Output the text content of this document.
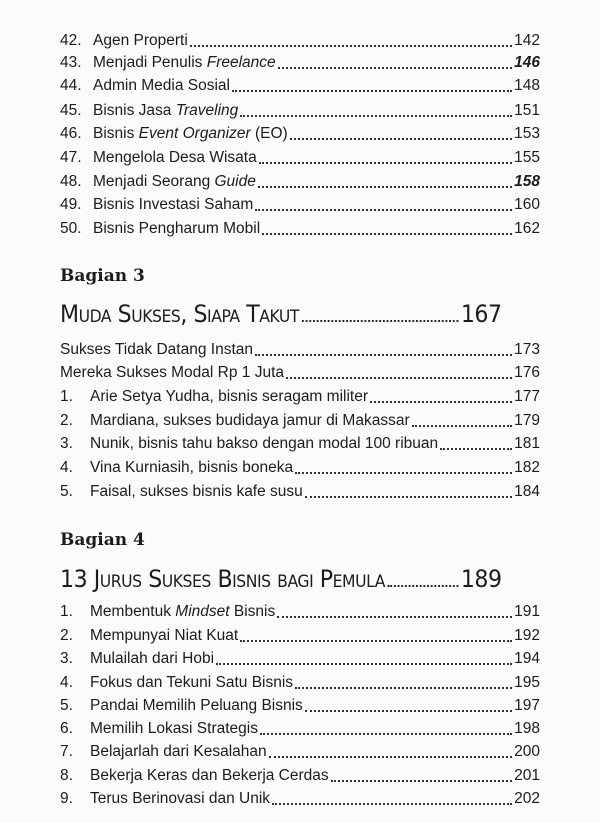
42. Agen Properti	142
43. Menjadi Penulis Freelance	146
44. Admin Media Sosial	148
45. Bisnis Jasa Traveling	151
46. Bisnis Event Organizer (EO)	153
47. Mengelola Desa Wisata	155
48. Menjadi Seorang Guide	158
49. Bisnis Investasi Saham	160
50. Bisnis Pengharum Mobil	162
Bagian 3
Muda Sukses, Siapa Takut	167
Sukses Tidak Datang Instan	173
Mereka Sukses Modal Rp 1 Juta	176
1.	Arie Setya Yudha, bisnis seragam militer	177
2.	Mardiana, sukses budidaya jamur di Makassar	179
3.	Nunik, bisnis tahu bakso dengan modal 100 ribuan	181
4.	Vina Kurniasih, bisnis boneka	182
5.	Faisal, sukses bisnis kafe susu	184
Bagian 4
13 Jurus Sukses Bisnis bagi Pemula	189
1.	Membentuk Mindset Bisnis	191
2.	Mempunyai Niat Kuat	192
3.	Mulailah dari Hobi	194
4.	Fokus dan Tekuni Satu Bisnis	195
5.	Pandai Memilih Peluang Bisnis	197
6.	Memilih Lokasi Strategis	198
7.	Belajarlah dari Kesalahan	200
8.	Bekerja Keras dan Bekerja Cerdas	201
9.	Terus Berinovasi dan Unik	202
